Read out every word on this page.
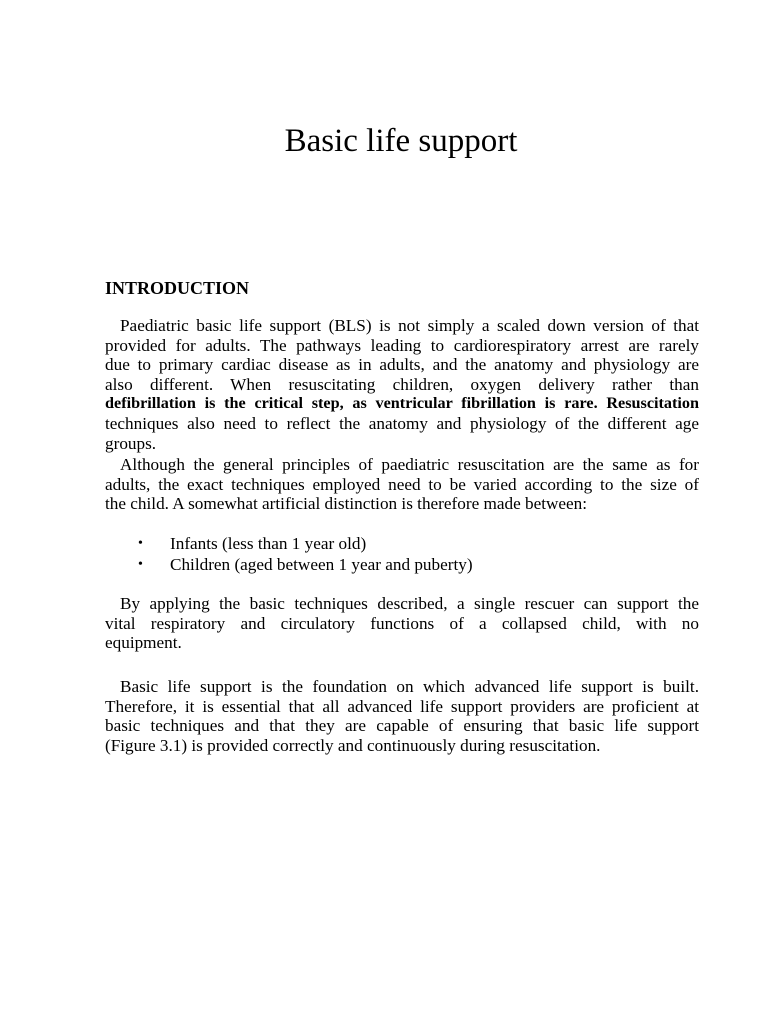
Basic life support
INTRODUCTION
Paediatric basic life support (BLS) is not simply a scaled down version of that
provided for adults. The pathways leading to cardiorespiratory arrest are rarely
due to primary cardiac disease as in adults, and the anatomy and physiology are
also different. When resuscitating children, oxygen delivery rather than
defibrillation is the critical step, as ventricular fibrillation is rare. Resuscitation
techniques also need to reflect the anatomy and physiology of the different age
groups.
Although the general principles of paediatric resuscitation are the same as for
adults, the exact techniques employed need to be varied according to the size of
the child. A somewhat artificial distinction is therefore made between:
• Infants (less than 1 year old)
• Children (aged between 1 year and puberty)
By applying the basic techniques described, a single rescuer can support the
vital respiratory and circulatory functions of a collapsed child, with no
equipment.
Basic life support is the foundation on which advanced life support is built.
Therefore, it is essential that all advanced life support providers are proficient at
basic techniques and that they are capable of ensuring that basic life support
(Figure 3.1) is provided correctly and continuously during resuscitation.
